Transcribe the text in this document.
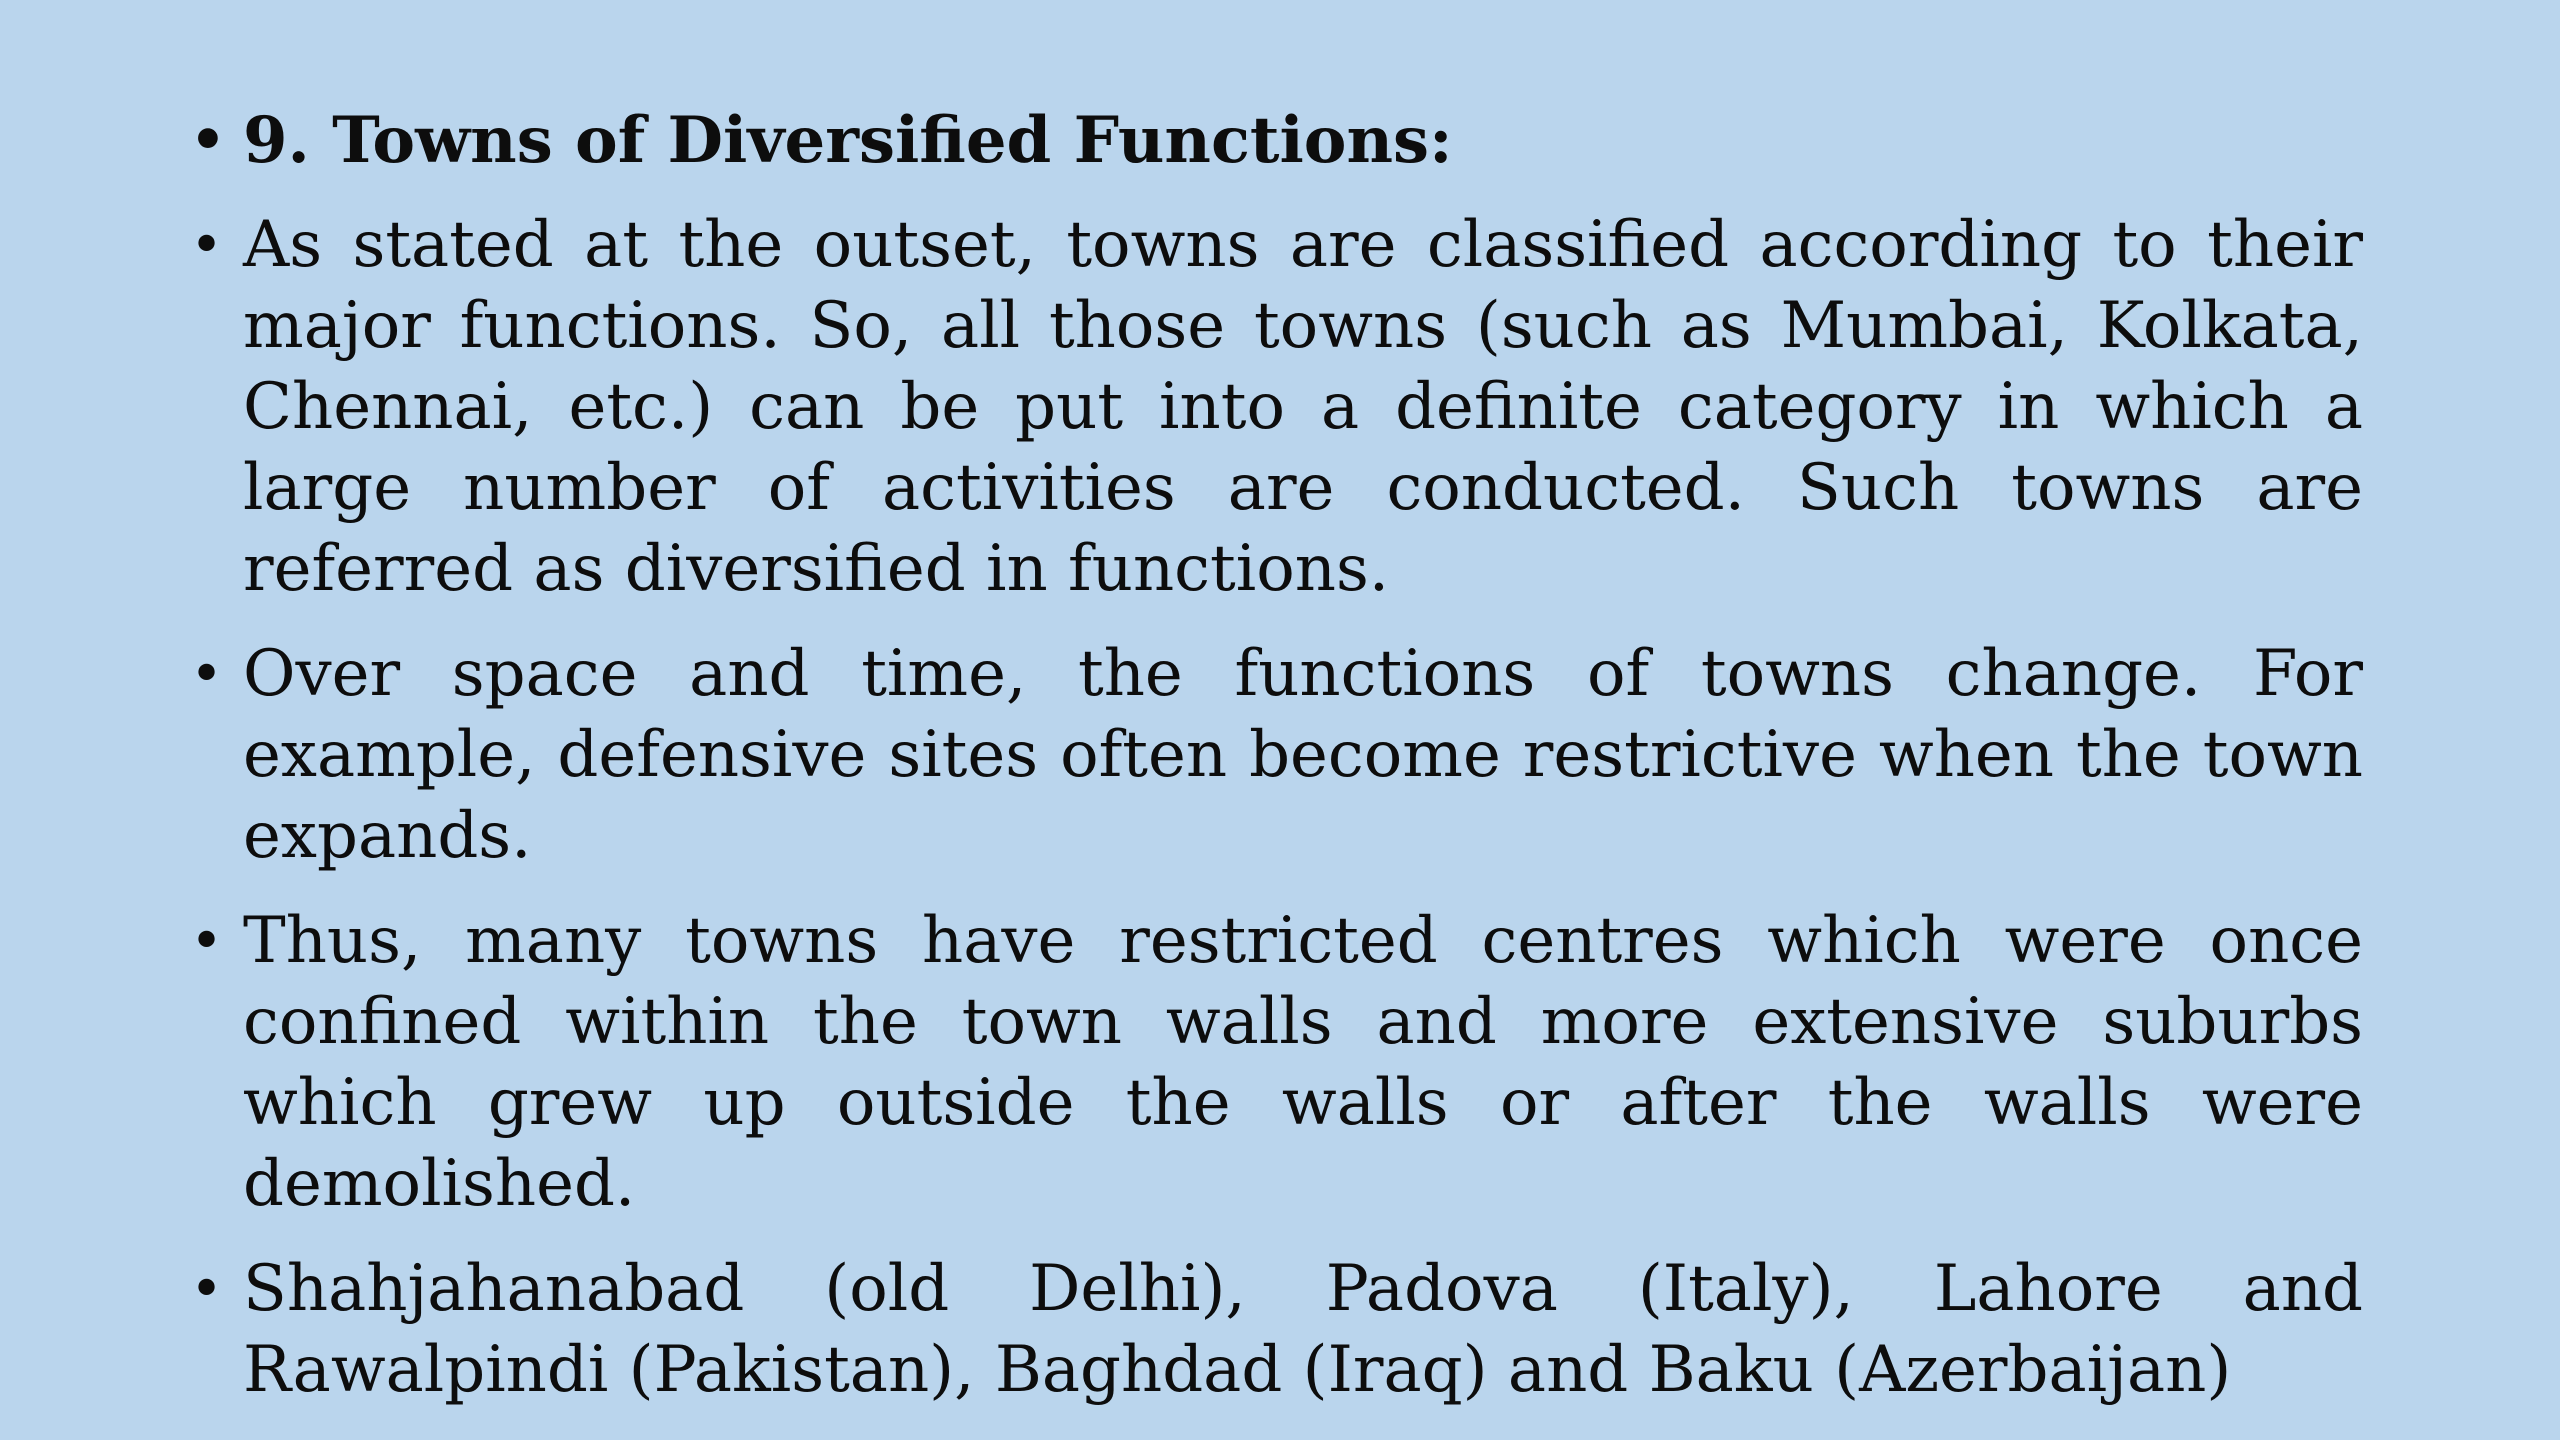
• 9. Towns of Diversified Functions:
• As stated at the outset, towns are classified according to their major functions. So, all those towns (such as Mumbai, Kolkata, Chennai, etc.) can be put into a definite category in which a large number of activities are conducted. Such towns are referred as diversified in functions.
• Over space and time, the functions of towns change. For example, defensive sites often become restrictive when the town expands.
• Thus, many towns have restricted centres which were once confined within the town walls and more extensive suburbs which grew up outside the walls or after the walls were demolished.
• Shahjahanabad (old Delhi), Padova (Italy), Lahore and Rawalpindi (Pakistan), Baghdad (Iraq) and Baku (Azerbaijan)
